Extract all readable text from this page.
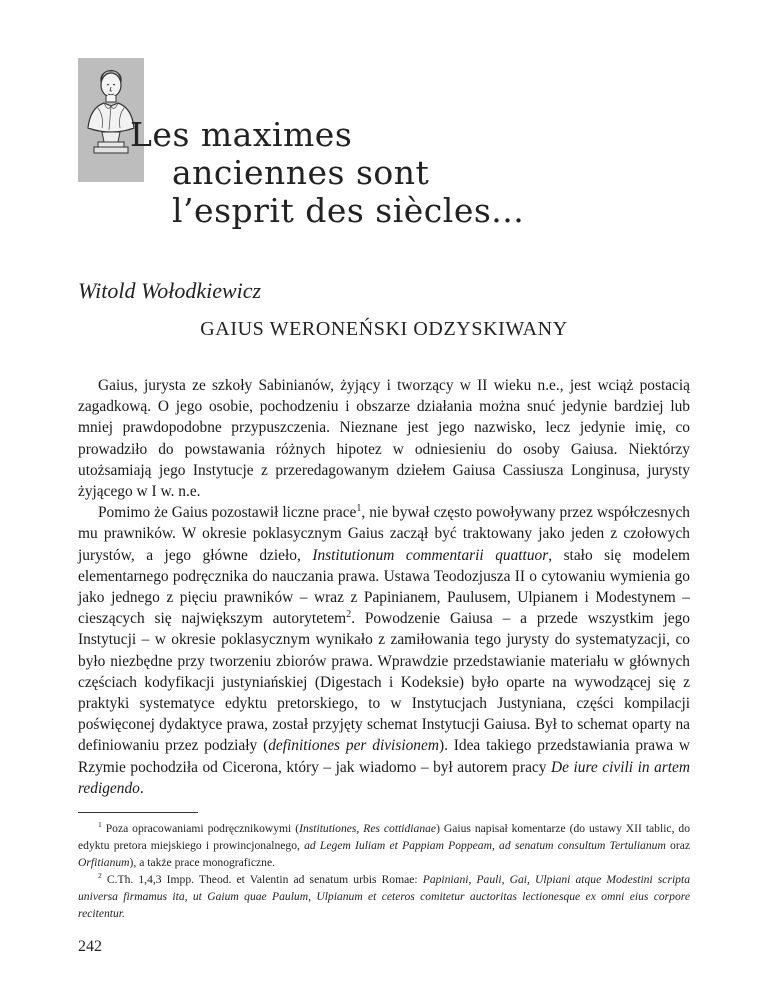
Les maximes
anciennes sont
l’esprit des siècles...

Witold Wołodkiewicz

GAIUS WERONEŃSKI ODZYSKIWANY

Gaius, jurysta ze szkoły Sabinianów, żyjący i tworzący w II wieku n.e., jest wciąż postacią zagadkową. O jego osobie, pochodzeniu i obszarze działania można snuć jedynie bardziej lub mniej prawdopodobne przypuszczenia. Nieznane jest jego nazwisko, lecz jedynie imię, co prowadziło do powstawania różnych hipotez w odniesieniu do osoby Gaiusa. Niektórzy utożsamiają jego Instytucje z przeredagowanym dziełem Gaiusa Cassiusza Longinusa, jurysty żyjącego w I w. n.e.

Pomimo że Gaius pozostawił liczne prace$^1$, nie bywał często powoływany przez współczesnych mu prawników. W okresie poklasycznym Gaius zaczął być traktowany jako jeden z czołowych jurystów, a jego główne dzieło, Institutionum commentarii quattuor, stało się modelem elementarnego podręcznika do nauczania prawa. Ustawa Teodozjusza II o cytowaniu wymienia go jako jednego z pięciu prawników – wraz z Papinianem, Paulusem, Ulpianem i Modestynem – cieszących się największym autorytetem$^2$. Powodzenie Gaiusa – a przede wszystkim jego Instytucji – w okresie poklasycznym wynikało z zamiłowania tego jurysty do systematyzacji, co było niezbędne przy tworzeniu zbiorów prawa. Wprawdzie przedstawianie materiału w głównych częściach kodyfikacji justyniańskiej (Digestach i Kodeksie) było oparte na wywodzącej się z praktyki systematyce edyktu pretorskiego, to w Instytucjach Justyniana, części kompilacji poświęconej dydaktyce prawa, został przyjęty schemat Instytucji Gaiusa. Był to schemat oparty na definiowaniu przez podziały (definitiones per divisionem). Idea takiego przedstawiania prawa w Rzymie pochodziła od Cicerona, który – jak wiadomo – był autorem pracy De iure civili in artem redigendo.

$^1$ Poza opracowaniami podręcznikowymi (Institutiones, Res cottidianae) Gaius napisał komentarze (do ustawy XII tablic, do edyktu pretora miejskiego i prowincjonalnego, ad Legem Iuliam et Pappiam Poppeam, ad senatum consultum Tertulianum oraz Orfitianum), a także prace monograficzne.

$^2$ C.Th. 1,4,3 Impp. Theod. et Valentin ad senatum urbis Romae: Papiniani, Pauli, Gai, Ulpiani atque Modestini scripta universa firmamus ita, ut Gaium quae Paulum, Ulpianum et ceteros comitetur auctoritas lectionesque ex omni eius corpore recitentur.

242
